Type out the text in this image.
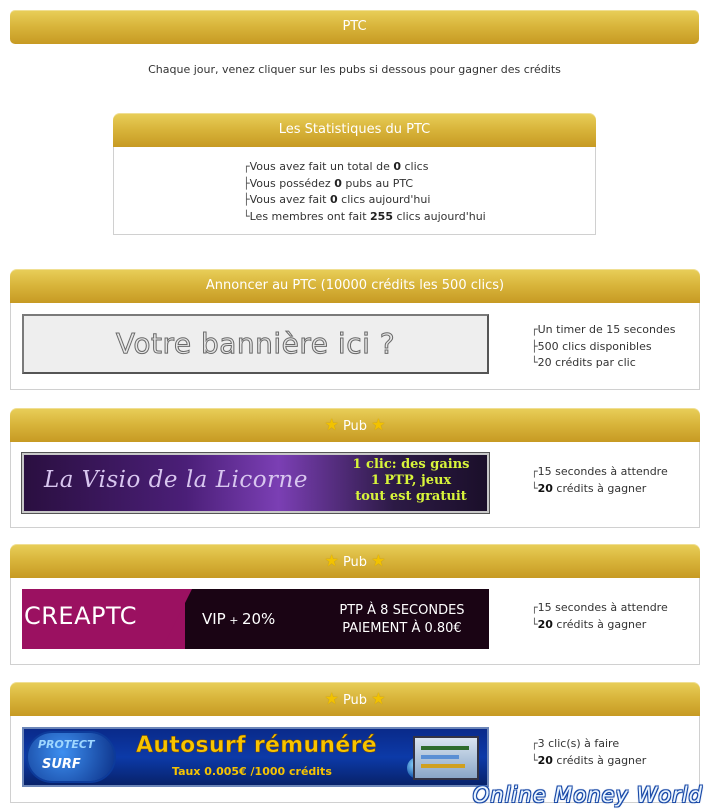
PTC
Chaque jour, venez cliquer sur les pubs si dessous pour gagner des crédits
Les Statistiques du PTC
┌Vous avez fait un total de 0 clics
├Vous possédez 0 pubs au PTC
├Vous avez fait 0 clics aujourd'hui
└Les membres ont fait 255 clics aujourd'hui
Annoncer au PTC (10000 crédits les 500 clics)
Votre bannière ici ?	┌Un timer de 15 secondes
├500 clics disponibles
└20 crédits par clic
★ Pub ★
La Visio de la Licorne
1 clic: des gains
1 PTP, jeux
tout est gratuit
┌15 secondes à attendre
└20 crédits à gagner
★ Pub ★
CREAPTC	VIP + 20%	PTP À 8 SECONDES
PAIEMENT À 0.80€
┌15 secondes à attendre
└20 crédits à gagner
★ Pub ★
PROTECT
SURF
Autosurf rémunéré
Taux 0.005€ /1000 crédits
┌3 clic(s) à faire
└20 crédits à gagner
Online Money World
